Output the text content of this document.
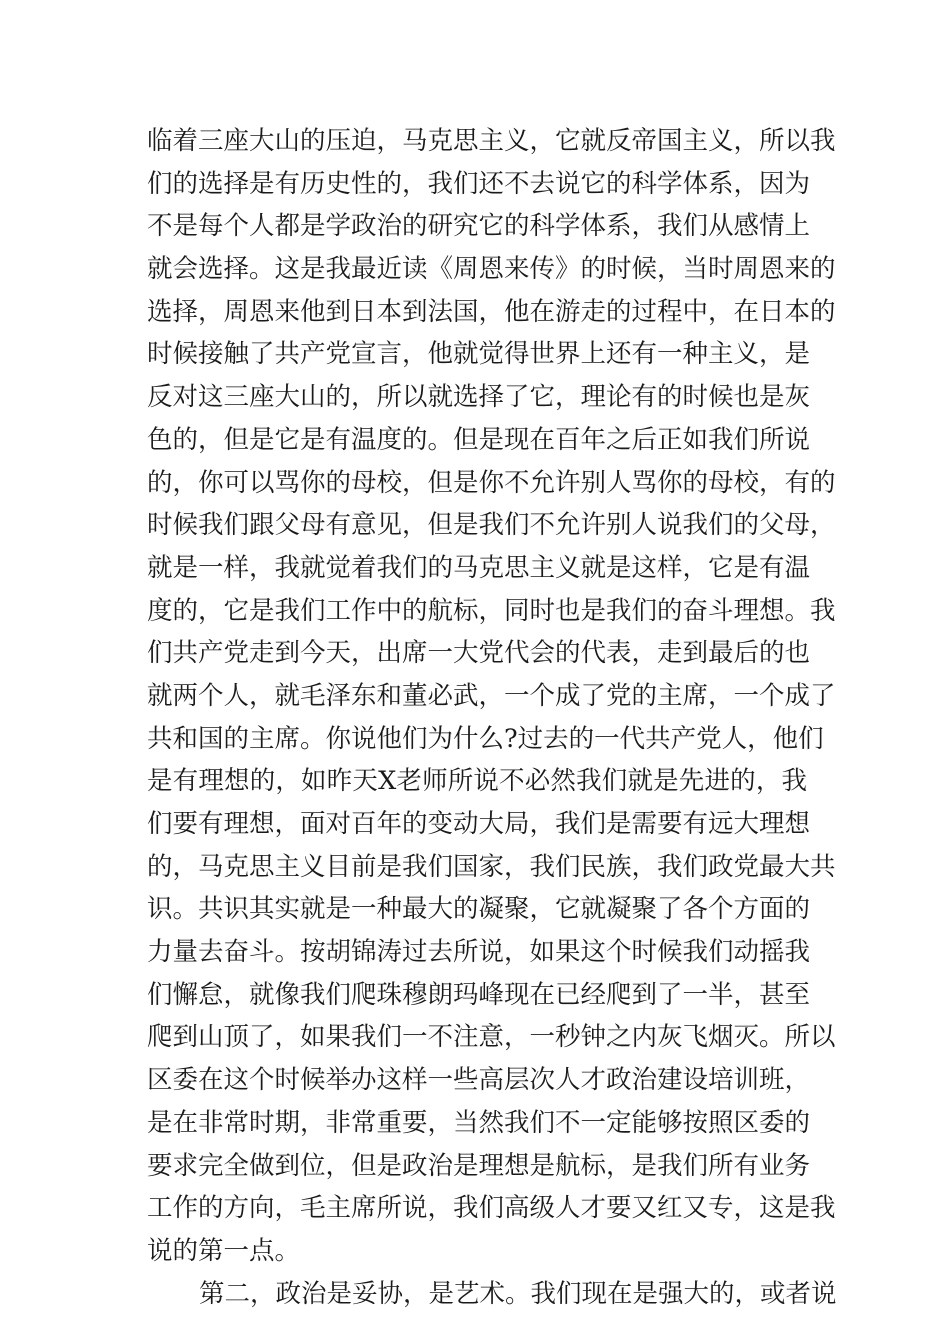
临着三座大山的压迫，马克思主义，它就反帝国主义，所以我
们的选择是有历史性的，我们还不去说它的科学体系，因为
不是每个人都是学政治的研究它的科学体系，我们从感情上
就会选择。这是我最近读《周恩来传》的时候，当时周恩来的
选择，周恩来他到日本到法国，他在游走的过程中，在日本的
时候接触了共产党宣言，他就觉得世界上还有一种主义，是
反对这三座大山的，所以就选择了它，理论有的时候也是灰
色的，但是它是有温度的。但是现在百年之后正如我们所说
的，你可以骂你的母校，但是你不允许别人骂你的母校，有的
时候我们跟父母有意见，但是我们不允许别人说我们的父母，
就是一样，我就觉着我们的马克思主义就是这样，它是有温
度的，它是我们工作中的航标，同时也是我们的奋斗理想。我
们共产党走到今天，出席一大党代会的代表，走到最后的也
就两个人，就毛泽东和董必武，一个成了党的主席，一个成了
共和国的主席。你说他们为什么?过去的一代共产党人，他们
是有理想的，如昨天X老师所说不必然我们就是先进的，我
们要有理想，面对百年的变动大局，我们是需要有远大理想
的，马克思主义目前是我们国家，我们民族，我们政党最大共
识。共识其实就是一种最大的凝聚，它就凝聚了各个方面的
力量去奋斗。按胡锦涛过去所说，如果这个时候我们动摇我
们懈怠，就像我们爬珠穆朗玛峰现在已经爬到了一半，甚至
爬到山顶了，如果我们一不注意，一秒钟之内灰飞烟灭。所以
区委在这个时候举办这样一些高层次人才政治建设培训班，
是在非常时期，非常重要，当然我们不一定能够按照区委的
要求完全做到位，但是政治是理想是航标，是我们所有业务
工作的方向，毛主席所说，我们高级人才要又红又专，这是我
说的第一点。
第二，政治是妥协，是艺术。我们现在是强大的，或者说
